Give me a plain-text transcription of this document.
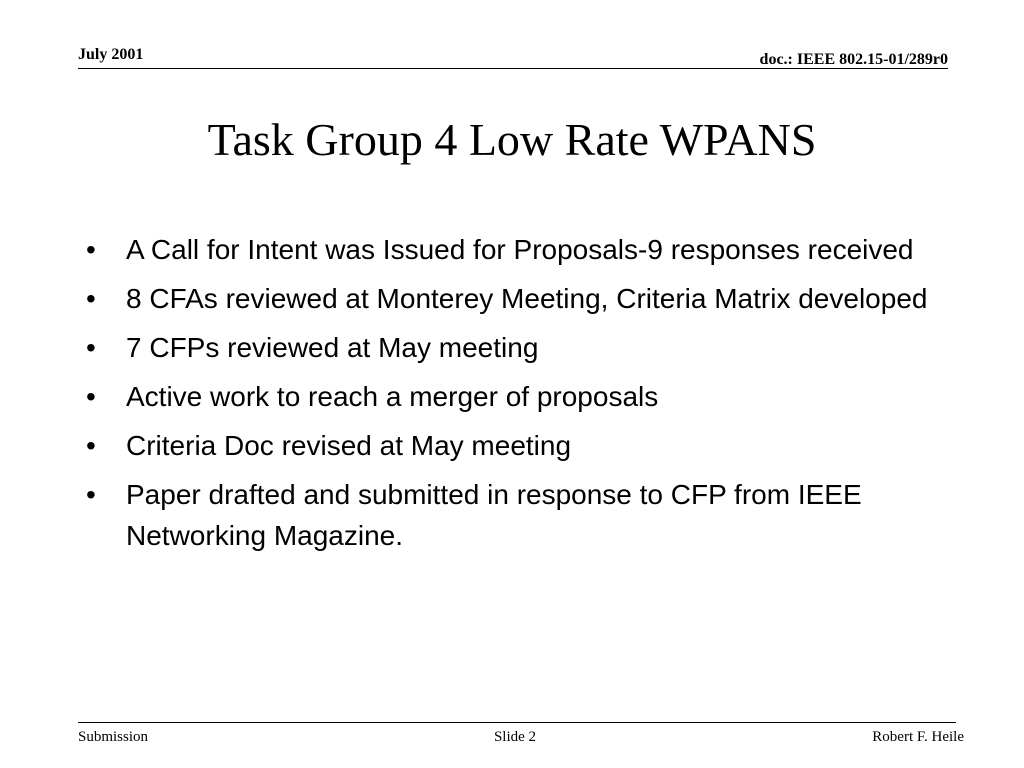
July 2001	doc.: IEEE 802.15-01/289r0
Task Group 4 Low Rate WPANS
• A Call for Intent was Issued for Proposals-9 responses received
• 8 CFAs reviewed at Monterey Meeting, Criteria Matrix developed
• 7 CFPs reviewed at May meeting
• Active work to reach a merger of proposals
• Criteria Doc revised at May meeting
• Paper drafted and submitted in response to CFP from IEEE Networking Magazine.
Submission	Slide 2	Robert F. Heile
